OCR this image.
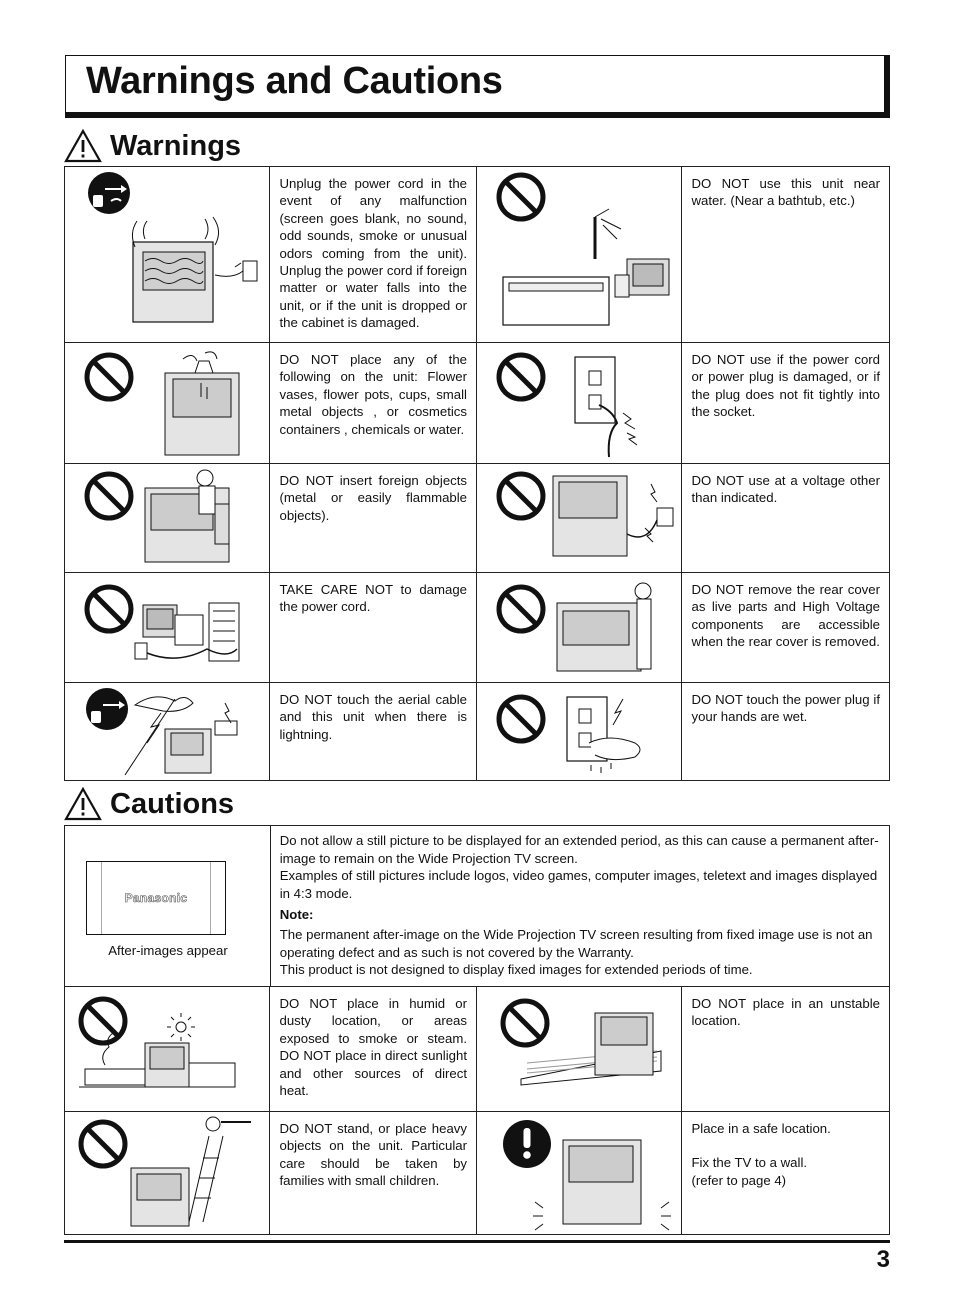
Warnings and Cautions
Warnings
Unplug the power cord in the event of any malfunction (screen goes blank, no sound, odd sounds, smoke or unusual odors coming from the unit). Unplug the power cord if foreign matter or water falls into the unit, or if the unit is dropped or the cabinet is damaged.
DO NOT use this unit near water. (Near a bathtub, etc.)
DO NOT place any of the following on the unit: Flower vases, flower pots, cups, small metal objects , or cosmetics containers , chemicals or water.
DO NOT use if the power cord or power plug is damaged, or if the plug does not fit tightly into the socket.
DO NOT insert foreign objects (metal or easily flammable objects).
DO NOT use at a voltage other than indicated.
TAKE CARE NOT to damage the power cord.
DO NOT remove the rear cover as live parts and High Voltage components are accessible when the rear cover is removed.
DO NOT touch the aerial cable and this unit when there is lightning.
DO NOT touch the power plug if your hands are wet.
Cautions
Panasonic
After-images appear

Do not allow a still picture to be displayed for an extended period, as this can cause a permanent after-image to remain on the Wide Projection TV screen.

Examples of still pictures include logos, video games, computer images, teletext and images displayed in 4:3 mode.

Note:

The permanent after-image on the Wide Projection TV screen resulting from fixed image use is not an operating defect and as such is not covered by the Warranty.

This product is not designed to display fixed images for extended periods of time.

DO NOT place in humid or dusty location, or areas exposed to smoke or steam. DO NOT place in direct sunlight and other sources of direct heat.
DO NOT place in an unstable location.
DO NOT stand, or place heavy objects on the unit. Particular care should be taken by families with small children.
Place in a safe location.
Fix the TV to a wall.
(refer to page 4)
3
